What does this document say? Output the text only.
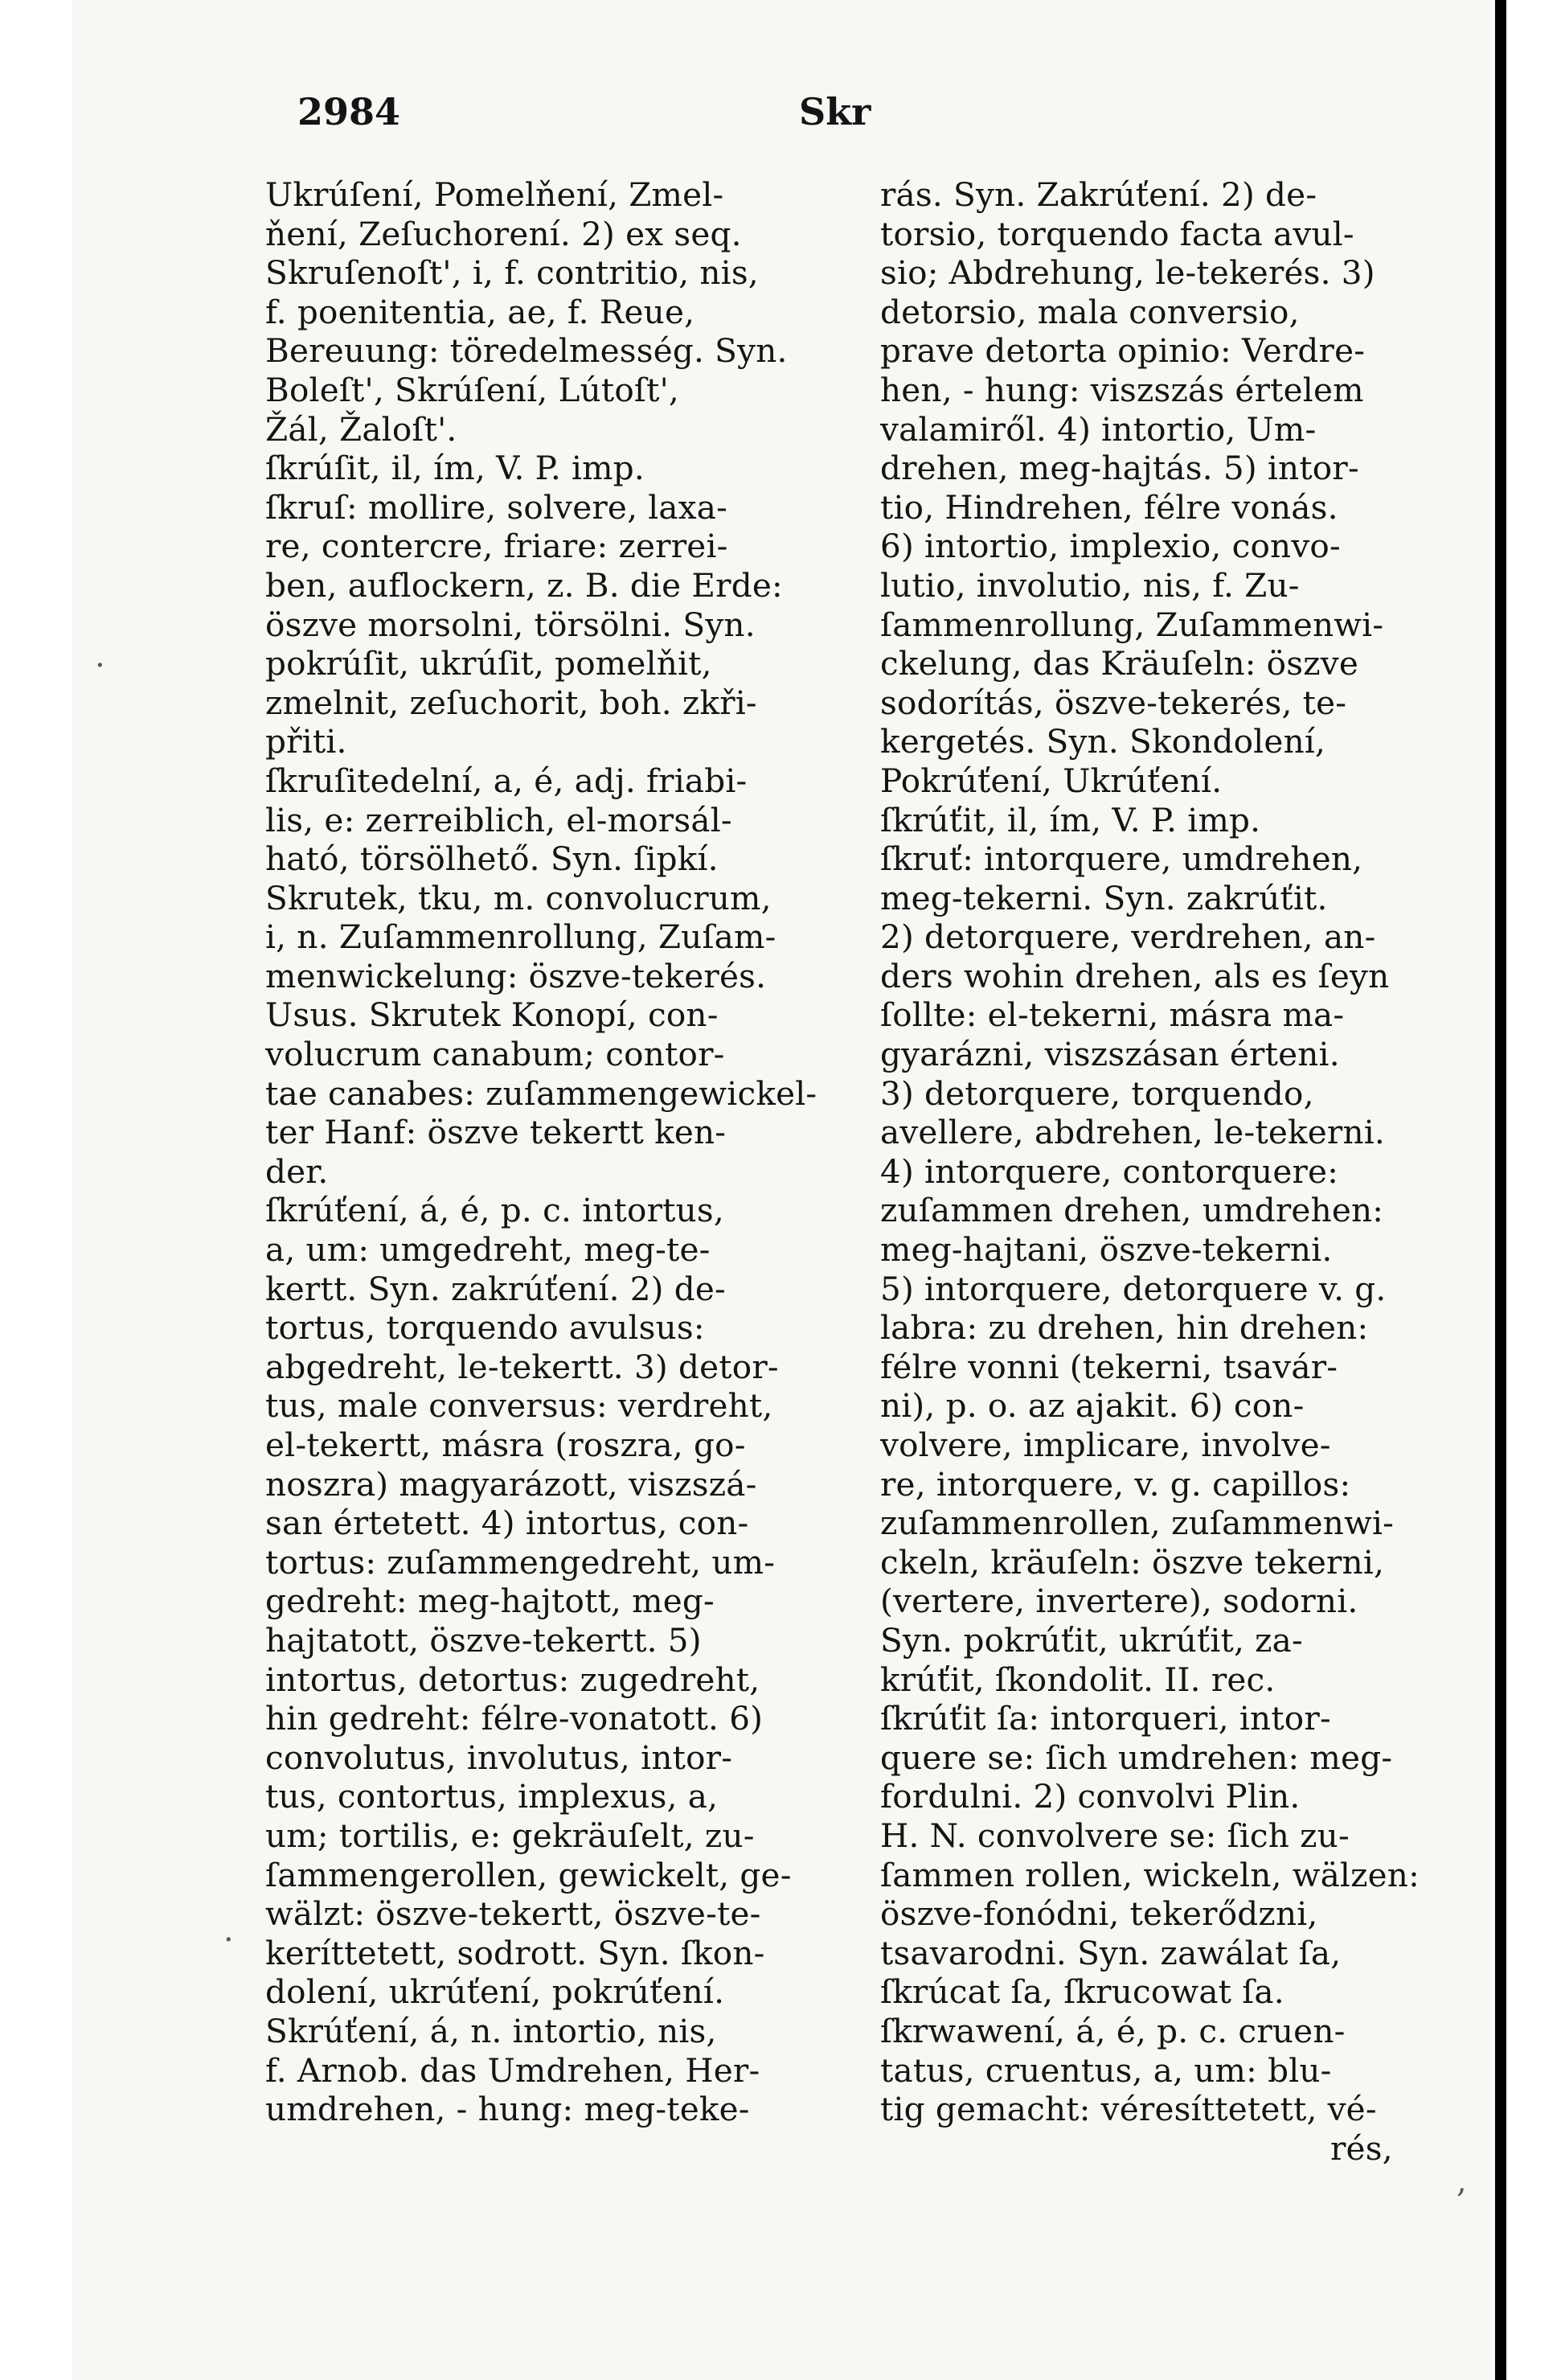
2984	Skr
Ukrúſení, Pomelňení, Zmel-
ňení, Zeſuchorení. 2) ex seq.
Skruſenoſt', i, f. contritio, nis,
f. poenitentia, ae, f. Reue,
Bereuung: töredelmesség. Syn.
Boleſt', Skrúſení, Lútoſt',
Žál, Žaloſt'.
ſkrúſit, il, ím, V. P. imp.
ſkruſ: mollire, solvere, laxa-
re, contercre, friare: zerrei-
ben, auflockern, z. B. die Erde:
öszve morsolni, törsölni. Syn.
pokrúſit, ukrúſit, pomelňit,
zmelnit, zeſuchorit, boh. zkři-
přiti.
ſkruſitedelní, a, é, adj. friabi-
lis, e: zerreiblich, el-morsál-
ható, törsölhető. Syn. ſipkí.
Skrutek, tku, m. convolucrum,
i, n. Zuſammenrollung, Zuſam-
menwickelung: öszve-tekerés.
Usus. Skrutek Konopí, con-
volucrum canabum; contor-
tae canabes: zuſammengewickel-
ter Hanf: öszve tekertt ken-
der.
ſkrúťení, á, é, p. c. intortus,
a, um: umgedreht, meg-te-
kertt. Syn. zakrúťení. 2) de-
tortus, torquendo avulsus:
abgedreht, le-tekertt. 3) detor-
tus, male conversus: verdreht,
el-tekertt, másra (roszra, go-
noszra) magyarázott, viszszá-
san értetett. 4) intortus, con-
tortus: zuſammengedreht, um-
gedreht: meg-hajtott, meg-
hajtatott, öszve-tekertt. 5)
intortus, detortus: zugedreht,
hin gedreht: félre-vonatott. 6)
convolutus, involutus, intor-
tus, contortus, implexus, a,
um; tortilis, e: gekräuſelt, zu-
ſammengerollen, gewickelt, ge-
wälzt: öszve-tekertt, öszve-te-
keríttetett, sodrott. Syn. ſkon-
dolení, ukrúťení, pokrúťení.
Skrúťení, á, n. intortio, nis,
f. Arnob. das Umdrehen, Her-
umdrehen, - hung: meg-teke-
rás. Syn. Zakrúťení. 2) de-
torsio, torquendo facta avul-
sio; Abdrehung, le-tekerés. 3)
detorsio, mala conversio,
prave detorta opinio: Verdre-
hen, - hung: viszszás értelem
valamiről. 4) intortio, Um-
drehen, meg-hajtás. 5) intor-
tio, Hindrehen, félre vonás.
6) intortio, implexio, convo-
lutio, involutio, nis, f. Zu-
ſammenrollung, Zuſammenwi-
ckelung, das Kräuſeln: öszve
sodorítás, öszve-tekerés, te-
kergetés. Syn. Skondolení,
Pokrúťení, Ukrúťení.
ſkrúťit, il, ím, V. P. imp.
ſkruť: intorquere, umdrehen,
meg-tekerni. Syn. zakrúťit.
2) detorquere, verdrehen, an-
ders wohin drehen, als es ſeyn
ſollte: el-tekerni, másra ma-
gyarázni, viszszásan érteni.
3) detorquere, torquendo,
avellere, abdrehen, le-tekerni.
4) intorquere, contorquere:
zuſammen drehen, umdrehen:
meg-hajtani, öszve-tekerni.
5) intorquere, detorquere v. g.
labra: zu drehen, hin drehen:
félre vonni (tekerni, tsavár-
ni), p. o. az ajakit. 6) con-
volvere, implicare, involve-
re, intorquere, v. g. capillos:
zuſammenrollen, zuſammenwi-
ckeln, kräuſeln: öszve tekerni,
(vertere, invertere), sodorni.
Syn. pokrúťit, ukrúťit, za-
krúťit, ſkondolit. II. rec.
ſkrúťit ſa: intorqueri, intor-
quere se: ſich umdrehen: meg-
fordulni. 2) convolvi Plin.
H. N. convolvere se: ſich zu-
ſammen rollen, wickeln, wälzen:
öszve-fonódni, tekerődzni,
tsavarodni. Syn. zawálat ſa,
ſkrúcat ſa, ſkrucowat ſa.
ſkrwawení, á, é, p. c. cruen-
tatus, cruentus, a, um: blu-
tig gemacht: véresíttetett, vé-
rés,
·
·
,
